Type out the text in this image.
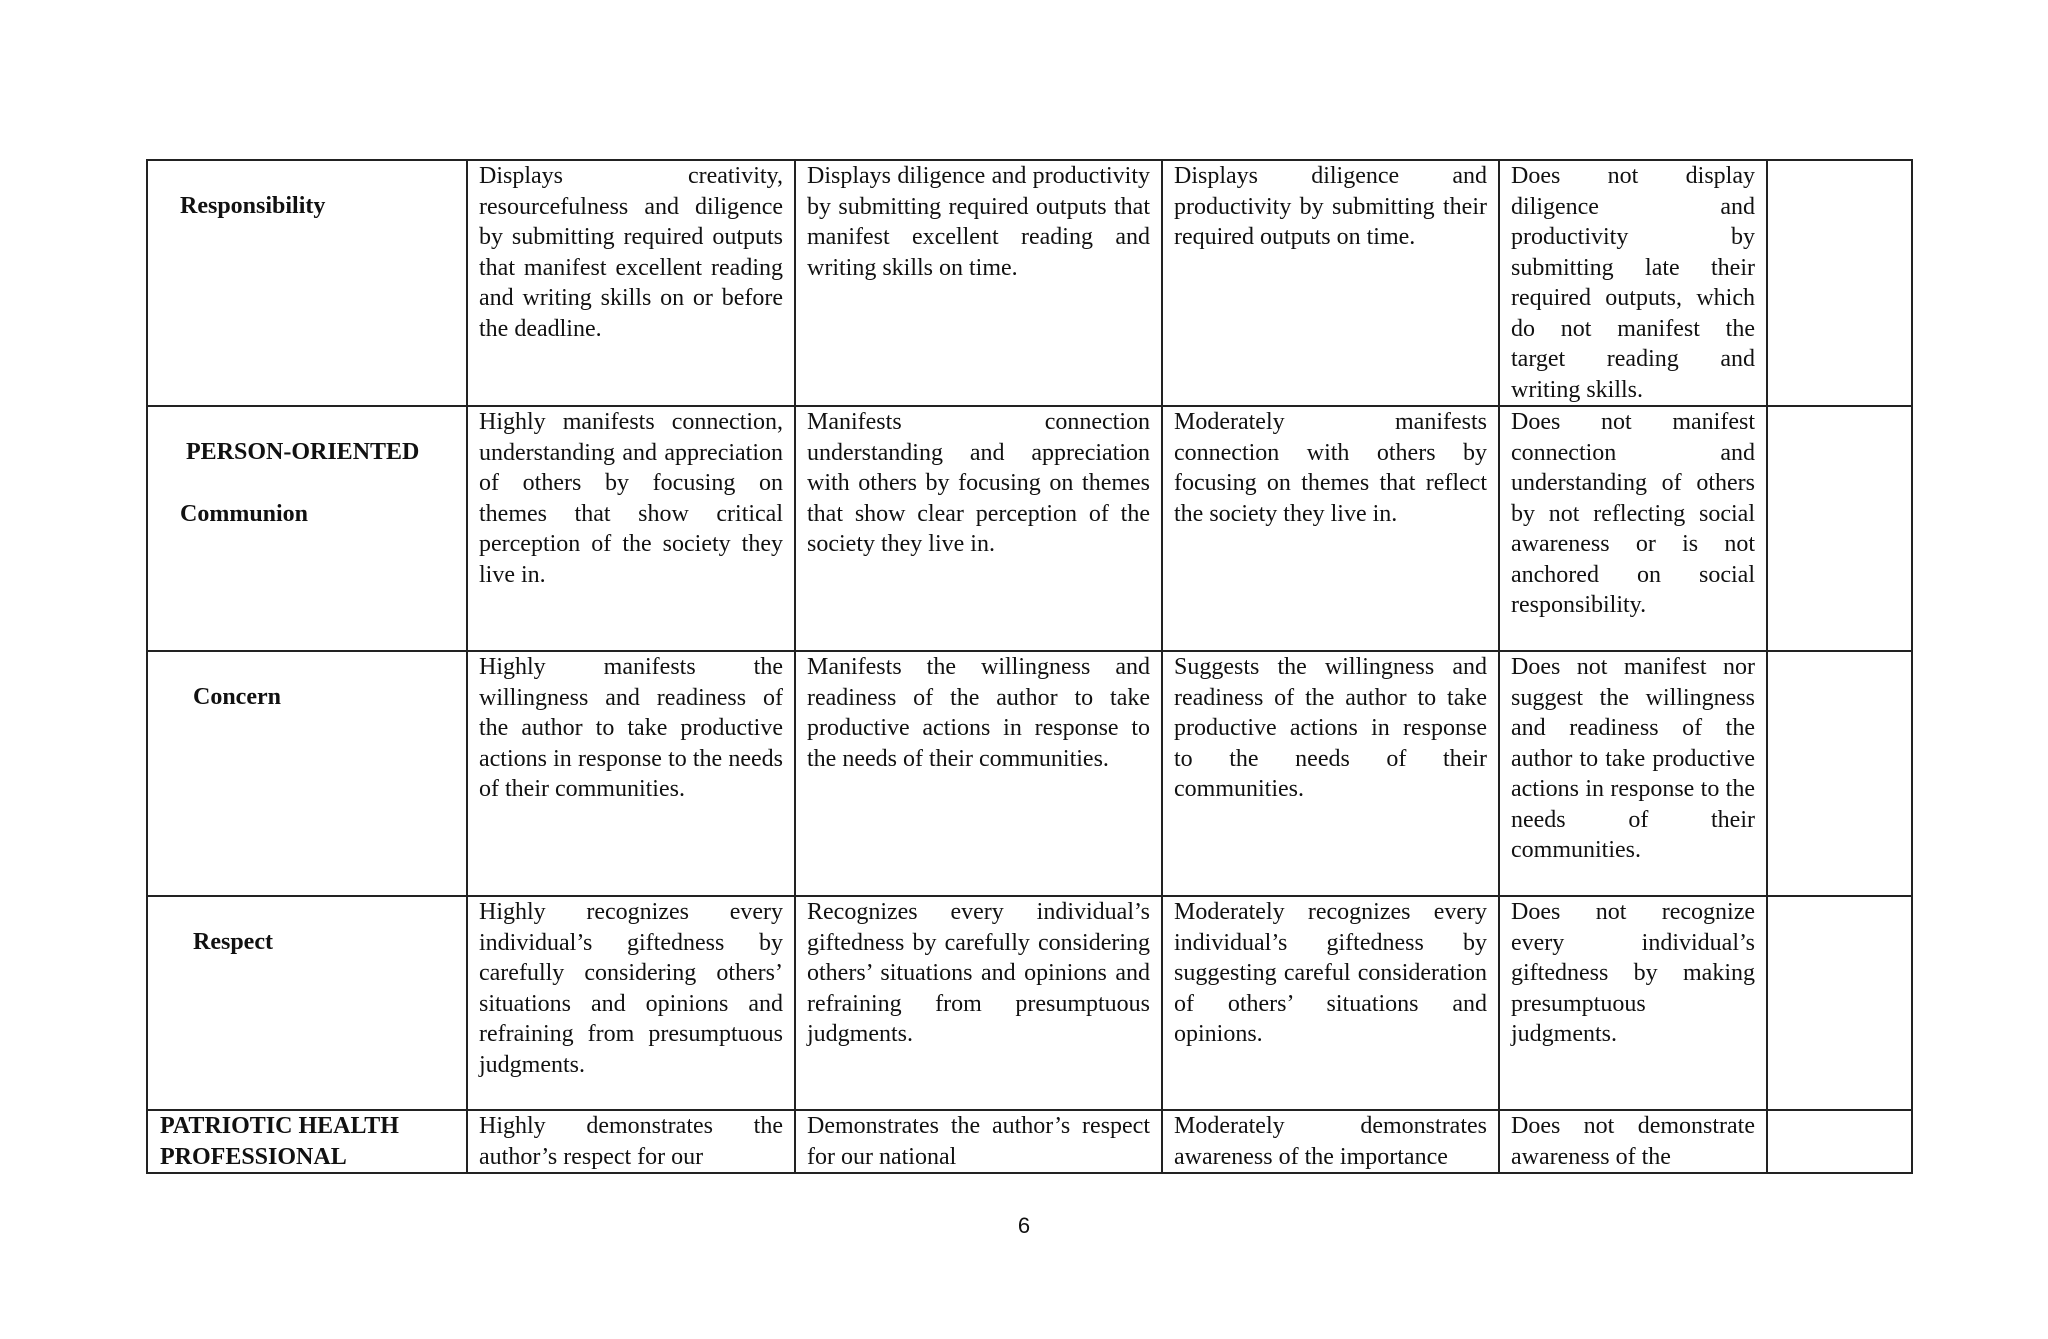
Responsibility	Displays creativity, resourcefulness and diligence by submitting required outputs that manifest excellent reading and writing skills on or before the deadline.	Displays diligence and productivity by submitting required outputs that manifest excellent reading and writing skills on time.	Displays diligence and productivity by submitting their required outputs on time.	Does not display diligence and productivity by submitting late their required outputs, which do not manifest the target reading and writing skills.	

PERSON-ORIENTED
Communion	Highly manifests connection, understanding and appreciation of others by focusing on themes that show critical perception of the society they live in.	Manifests connection understanding and appreciation with others by focusing on themes that show clear perception of the society they live in.	Moderately manifests connection with others by focusing on themes that reflect the society they live in.	Does not manifest connection and understanding of others by not reflecting social awareness or is not anchored on social responsibility.	

Concern	Highly manifests the willingness and readiness of the author to take productive actions in response to the needs of their communities.	Manifests the willingness and readiness of the author to take productive actions in response to the needs of their communities.	Suggests the willingness and readiness of the author to take productive actions in response to the needs of their communities.	Does not manifest nor suggest the willingness and readiness of the author to take productive actions in response to the needs of their communities.	

Respect	Highly recognizes every individual’s giftedness by carefully considering others’ situations and opinions and refraining from presumptuous judgments.	Recognizes every individual’s giftedness by carefully considering others’ situations and opinions and refraining from presumptuous judgments.	Moderately recognizes every individual’s giftedness by suggesting careful consideration of others’ situations and opinions.	Does not recognize every individual’s giftedness by making presumptuous judgments.	

PATRIOTIC HEALTH PROFESSIONAL	Highly demonstrates the author’s respect for our	Demonstrates the author’s respect for our national	Moderately demonstrates awareness of the importance	Does not demonstrate awareness of the	
6
